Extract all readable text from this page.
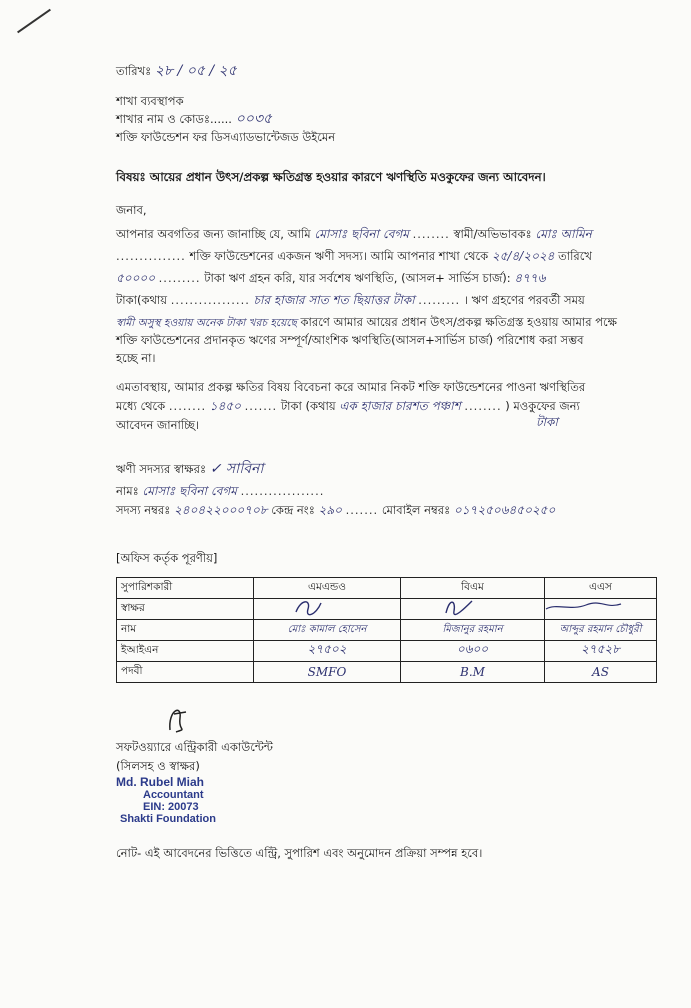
তারিখঃ ২৮ / ০৫ / ২৫
শাখা ব্যবস্থাপক
শাখার নাম ও কোডঃ...... ০০৩৫
শক্তি ফাউন্ডেশন ফর ডিসএ্যাডভান্টেজড উইমেন
বিষয়ঃ আয়ের প্রধান উৎস/প্রকল্প ক্ষতিগ্রস্ত হওয়ার কারণে ঋণস্থিতি মওকুফের জন্য আবেদন।
জনাব,
আপনার অবগতির জন্য জানাচ্ছি যে, আমি মোসাঃ ছবিনা বেগম ........ স্বামী/অভিভাবকঃ মোঃ আমিন
............... শক্তি ফাউন্ডেশনের একজন ঋণী সদস্য। আমি আপনার শাখা থেকে ২৫/৪/২০২৪ তারিখে
৫০০০০ ......... টাকা ঋণ গ্রহন করি, যার সর্বশেষ ঋণস্থিতি, (আসল+ সার্ভিস চার্জ): ৪৭৭৬
টাকা(কথায় ................. চার হাজার সাত শত ছিয়াত্তর টাকা ......... । ঋণ গ্রহণের পরবর্তী সময়
স্বামী অসুস্থ হওয়ায় অনেক টাকা খরচ হয়েছে কারণে আমার আয়ের প্রধান উৎস/প্রকল্প ক্ষতিগ্রস্ত হওয়ায় আমার পক্ষে
শক্তি ফাউন্ডেশনের প্রদানকৃত ঋণের সম্পূর্ণ/আংশিক ঋণস্থিতি(আসল+সার্ভিস চার্জ) পরিশোধ করা সম্ভব
হচ্ছে না।
এমতাবস্থায়, আমার প্রকল্প ক্ষতির বিষয় বিবেচনা করে আমার নিকট শক্তি ফাউন্ডেশনের পাওনা ঋণস্থিতির
মধ্যে থেকে ........ ১৪৫০ ....... টাকা (কথায় এক হাজার চারশত পঞ্চাশ ........ ) মওকুফের জন্য
আবেদন জানাচ্ছি।	টাকা
ঋণী সদস্যর স্বাক্ষরঃ ✓ সাবিনা
নামঃ মোসাঃ ছবিনা বেগম ..................
সদস্য নম্বরঃ ২৪০৪২২০০০৭০৮ কেন্দ্র নংঃ ২৯০ ....... মোবাইল নম্বরঃ ০১৭২৫০৬৪৫০২৫০
[অফিস কর্তৃক পূরণীয়]
সুপারিশকারী	এমএন্ডও	বিএম	এএস
স্বাক্ষর			
নাম	মোঃ কামাল হোসেন	মিজানুর রহমান	আব্দুর রহমান চৌধুরী
ইআইএন	২৭৫০২	০৬০০	২৭৫২৮
পদবী	SMFO	B.M	AS
সফটওয়্যারে এন্ট্রিকারী একাউন্টেন্ট
(সিলসহ ও স্বাক্ষর)
Md. Rubel Miah
Accountant
EIN: 20073
Shakti Foundation
নোট- এই আবেদনের ভিত্তিতে এন্ট্রি, সুপারিশ এবং অনুমোদন প্রক্রিয়া সম্পন্ন হবে।
